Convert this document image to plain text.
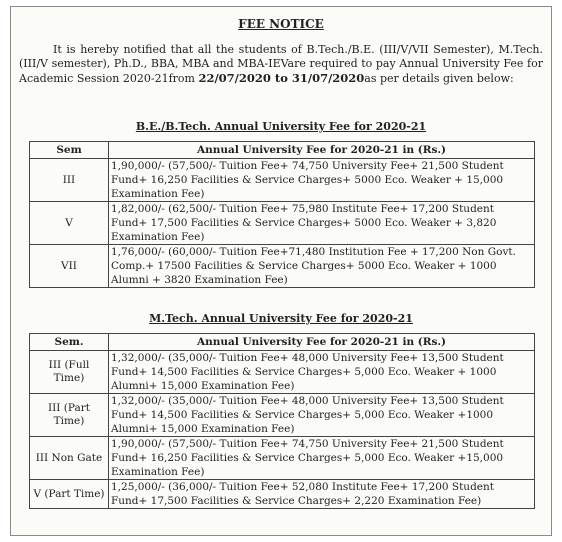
FEE NOTICE
It is hereby notified that all the students of B.Tech./B.E. (III/V/VII Semester), M.Tech. (III/V semester), Ph.D., BBA, MBA and MBA-IEVare required to pay Annual University Fee for Academic Session 2020-21from 22/07/2020 to 31/07/2020as per details given below:
B.E./B.Tech. Annual University Fee for 2020-21
Sem	Annual University Fee for 2020-21 in (Rs.)
III	1,90,000/- (57,500/- Tuition Fee+ 74,750 University Fee+ 21,500 Student Fund+ 16,250 Facilities & Service Charges+ 5000 Eco. Weaker + 15,000 Examination Fee)
V	1,82,000/- (62,500/- Tuition Fee+ 75,980 Institute Fee+ 17,200 Student Fund+ 17,500 Facilities & Service Charges+ 5000 Eco. Weaker + 3,820 Examination Fee)
VII	1,76,000/- (60,000/- Tuition Fee+71,480 Institution Fee + 17,200 Non Govt. Comp.+ 17500 Facilities & Service Charges+ 5000 Eco. Weaker + 1000 Alumni + 3820 Examination Fee)
M.Tech. Annual University Fee for 2020-21
Sem.	Annual University Fee for 2020-21 in (Rs.)
III (Full Time)	1,32,000/- (35,000/- Tuition Fee+ 48,000 University Fee+ 13,500 Student Fund+ 14,500 Facilities & Service Charges+ 5,000 Eco. Weaker + 1000 Alumni+ 15,000 Examination Fee)
III (Part Time)	1,32,000/- (35,000/- Tuition Fee+ 48,000 University Fee+ 13,500 Student Fund+ 14,500 Facilities & Service Charges+ 5,000 Eco. Weaker +1000 Alumni+ 15,000 Examination Fee)
III Non Gate	1,90,000/- (57,500/- Tuition Fee+ 74,750 University Fee+ 21,500 Student Fund+ 16,250 Facilities & Service Charges+ 5,000 Eco. Weaker +15,000 Examination Fee)
V (Part Time)	1,25,000/- (36,000/- Tuition Fee+ 52,080 Institute Fee+ 17,200 Student Fund+ 17,500 Facilities & Service Charges+ 2,220 Examination Fee)
